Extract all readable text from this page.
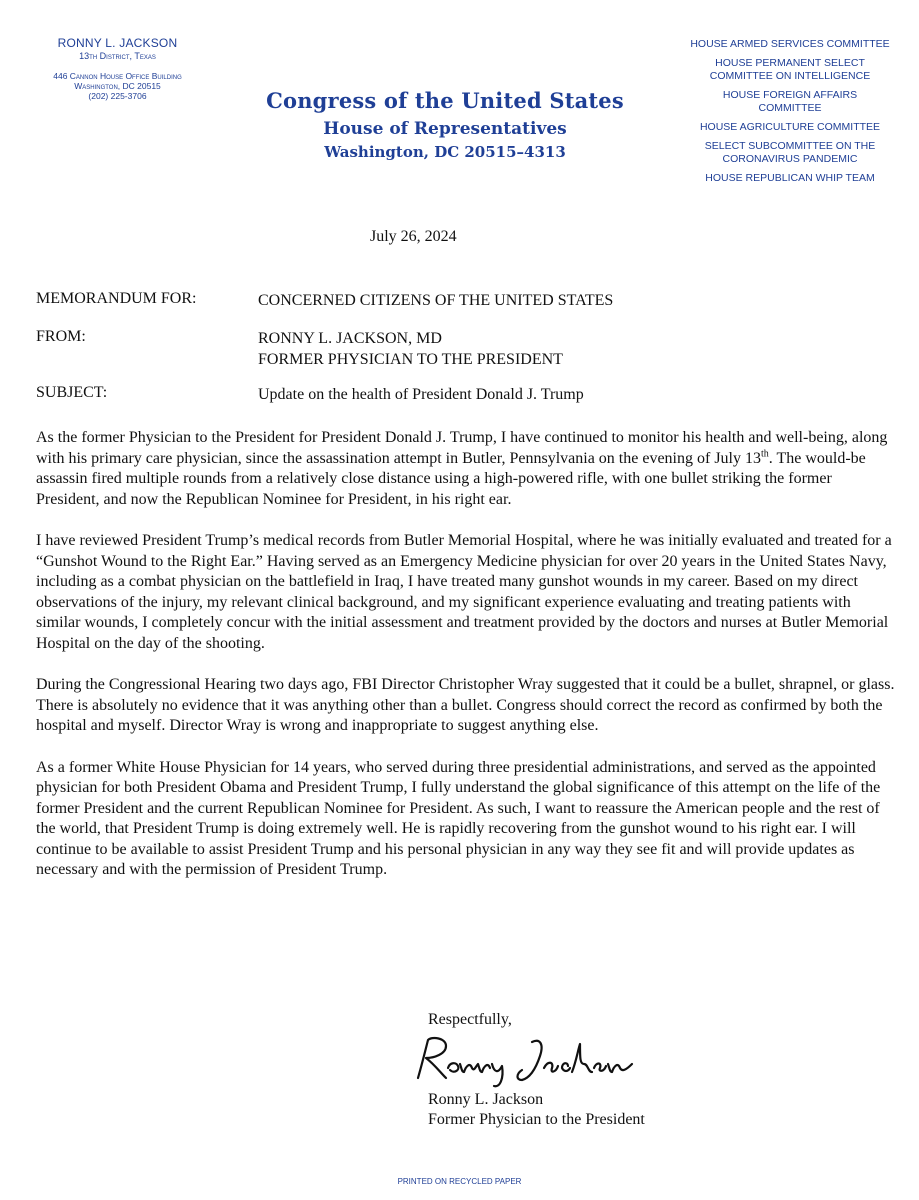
RONNY L. JACKSON
13th District, Texas
446 Cannon House Office Building
Washington, DC 20515
(202) 225-3706	Congress of the United States
House of Representatives
Washington, DC 20515–4313
HOUSE ARMED SERVICES COMMITTEE
HOUSE PERMANENT SELECT COMMITTEE ON INTELLIGENCE
HOUSE FOREIGN AFFAIRS COMMITTEE
HOUSE AGRICULTURE COMMITTEE
SELECT SUBCOMMITTEE ON THE CORONAVIRUS PANDEMIC
HOUSE REPUBLICAN WHIP TEAM
July 26, 2024
MEMORANDUM FOR:	CONCERNED CITIZENS OF THE UNITED STATES
FROM:	RONNY L. JACKSON, MD
FORMER PHYSICIAN TO THE PRESIDENT
SUBJECT:	Update on the health of President Donald J. Trump

As the former Physician to the President for President Donald J. Trump, I have continued to monitor his health and well-being, along with his primary care physician, since the assassination attempt in Butler, Pennsylvania on the evening of July 13th. The would-be assassin fired multiple rounds from a relatively close distance using a high-powered rifle, with one bullet striking the former President, and now the Republican Nominee for President, in his right ear.

I have reviewed President Trump’s medical records from Butler Memorial Hospital, where he was initially evaluated and treated for a “Gunshot Wound to the Right Ear.” Having served as an Emergency Medicine physician for over 20 years in the United States Navy, including as a combat physician on the battlefield in Iraq, I have treated many gunshot wounds in my career. Based on my direct observations of the injury, my relevant clinical background, and my significant experience evaluating and treating patients with similar wounds, I completely concur with the initial assessment and treatment provided by the doctors and nurses at Butler Memorial Hospital on the day of the shooting.

During the Congressional Hearing two days ago, FBI Director Christopher Wray suggested that it could be a bullet, shrapnel, or glass. There is absolutely no evidence that it was anything other than a bullet. Congress should correct the record as confirmed by both the hospital and myself. Director Wray is wrong and inappropriate to suggest anything else.

As a former White House Physician for 14 years, who served during three presidential administrations, and served as the appointed physician for both President Obama and President Trump, I fully understand the global significance of this attempt on the life of the former President and the current Republican Nominee for President. As such, I want to reassure the American people and the rest of the world, that President Trump is doing extremely well. He is rapidly recovering from the gunshot wound to his right ear. I will continue to be available to assist President Trump and his personal physician in any way they see fit and will provide updates as necessary and with the permission of President Trump.

Respectfully,
Ronny L. Jackson
Former Physician to the President
PRINTED ON RECYCLED PAPER
